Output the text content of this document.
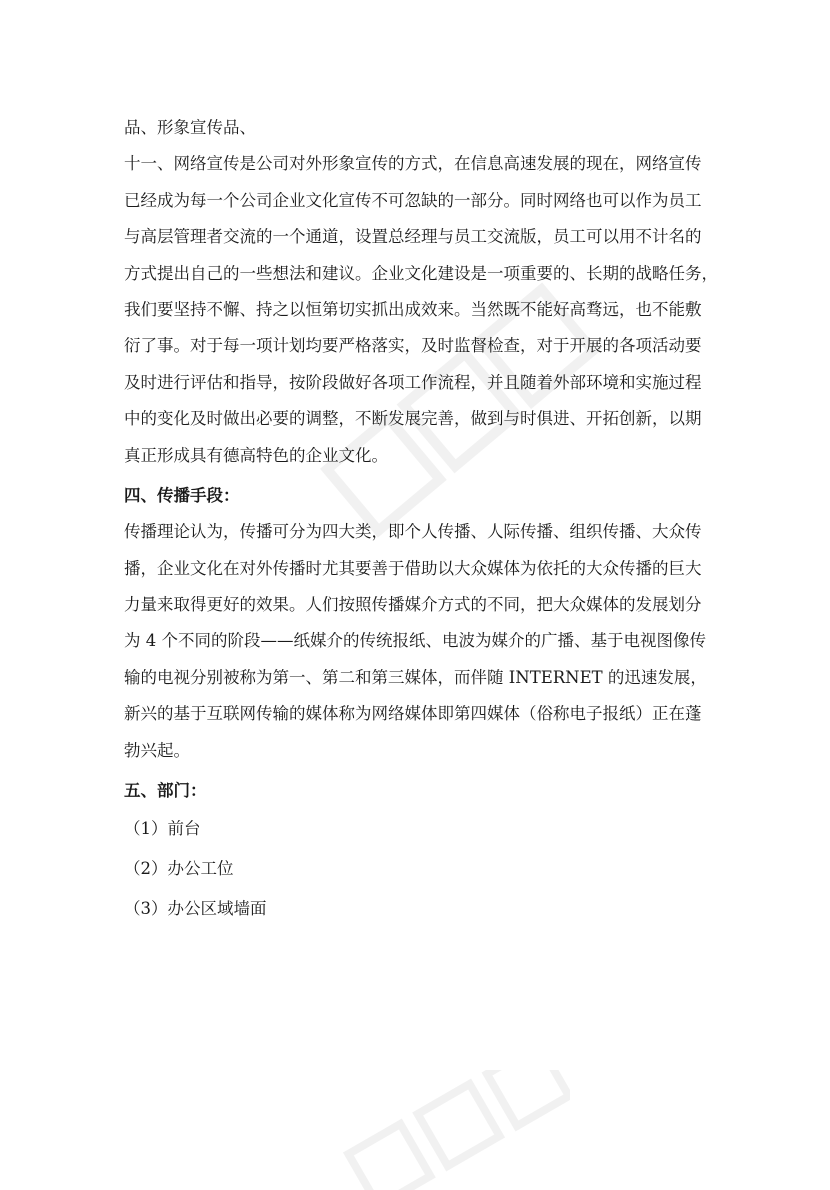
品、形象宣传品、
十一、网络宣传是公司对外形象宣传的方式，在信息高速发展的现在，网络宣传
已经成为每一个公司企业文化宣传不可忽缺的一部分。同时网络也可以作为员工
与高层管理者交流的一个通道，设置总经理与员工交流版，员工可以用不计名的
方式提出自己的一些想法和建议。企业文化建设是一项重要的、长期的战略任务，
我们要坚持不懈、持之以恒第切实抓出成效来。当然既不能好高骛远，也不能敷
衍了事。对于每一项计划均要严格落实，及时监督检查，对于开展的各项活动要
及时进行评估和指导，按阶段做好各项工作流程，并且随着外部环境和实施过程
中的变化及时做出必要的调整，不断发展完善，做到与时俱进、开拓创新，以期
真正形成具有德高特色的企业文化。
四、传播手段：
传播理论认为，传播可分为四大类，即个人传播、人际传播、组织传播、大众传
播，企业文化在对外传播时尤其要善于借助以大众媒体为依托的大众传播的巨大
力量来取得更好的效果。人们按照传播媒介方式的不同，把大众媒体的发展划分
为 4 个不同的阶段——纸媒介的传统报纸、电波为媒介的广播、基于电视图像传
输的电视分别被称为第一、第二和第三媒体，而伴随 INTERNET 的迅速发展，
新兴的基于互联网传输的媒体称为网络媒体即第四媒体（俗称电子报纸）正在蓬
勃兴起。
五、部门：
（1）前台
（2）办公工位
（3）办公区域墙面
